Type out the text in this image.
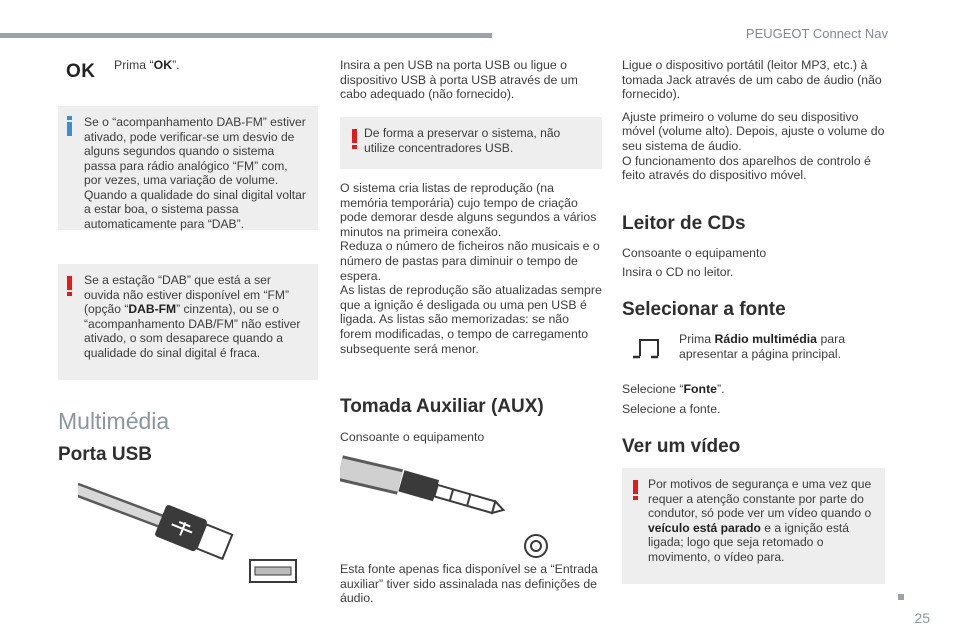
PEUGEOT Connect Nav
OK Prima “OK”.

Se o “acompanhamento DAB-FM” estiver ativado, pode verificar-se um desvio de alguns segundos quando o sistema passa para rádio analógico “FM” com, por vezes, uma variação de volume.

Quando a qualidade do sinal digital voltar a estar boa, o sistema passa automaticamente para “DAB”.

Se a estação “DAB” que está a ser ouvida não estiver disponível em “FM” (opção “DAB-FM” cinzenta), ou se o “acompanhamento DAB/FM” não estiver ativado, o som desaparece quando a qualidade do sinal digital é fraca.

Multimédia
Porta USB

Insira a pen USB na porta USB ou ligue o dispositivo USB à porta USB através de um cabo adequado (não fornecido).

De forma a preservar o sistema, não utilize concentradores USB.

O sistema cria listas de reprodução (na memória temporária) cujo tempo de criação pode demorar desde alguns segundos a vários minutos na primeira conexão.

Reduza o número de ficheiros não musicais e o número de pastas para diminuir o tempo de espera.

As listas de reprodução são atualizadas sempre que a ignição é desligada ou uma pen USB é ligada. As listas são memorizadas: se não forem modificadas, o tempo de carregamento subsequente será menor.

Tomada Auxiliar (AUX)

Consoante o equipamento

Esta fonte apenas fica disponível se a “Entrada auxiliar” tiver sido assinalada nas definições de áudio.

Ligue o dispositivo portátil (leitor MP3, etc.) à tomada Jack através de um cabo de áudio (não fornecido).

Ajuste primeiro o volume do seu dispositivo móvel (volume alto). Depois, ajuste o volume do seu sistema de áudio.

O funcionamento dos aparelhos de controlo é feito através do dispositivo móvel.

Leitor de CDs

Consoante o equipamento

Insira o CD no leitor.

Selecionar a fonte

Prima Rádio multimédia para apresentar a página principal.

Selecione “Fonte”.

Selecione a fonte.

Ver um vídeo

Por motivos de segurança e uma vez que requer a atenção constante por parte do condutor, só pode ver um vídeo quando o veículo está parado e a ignição está ligada; logo que seja retomado o movimento, o vídeo para.

25
